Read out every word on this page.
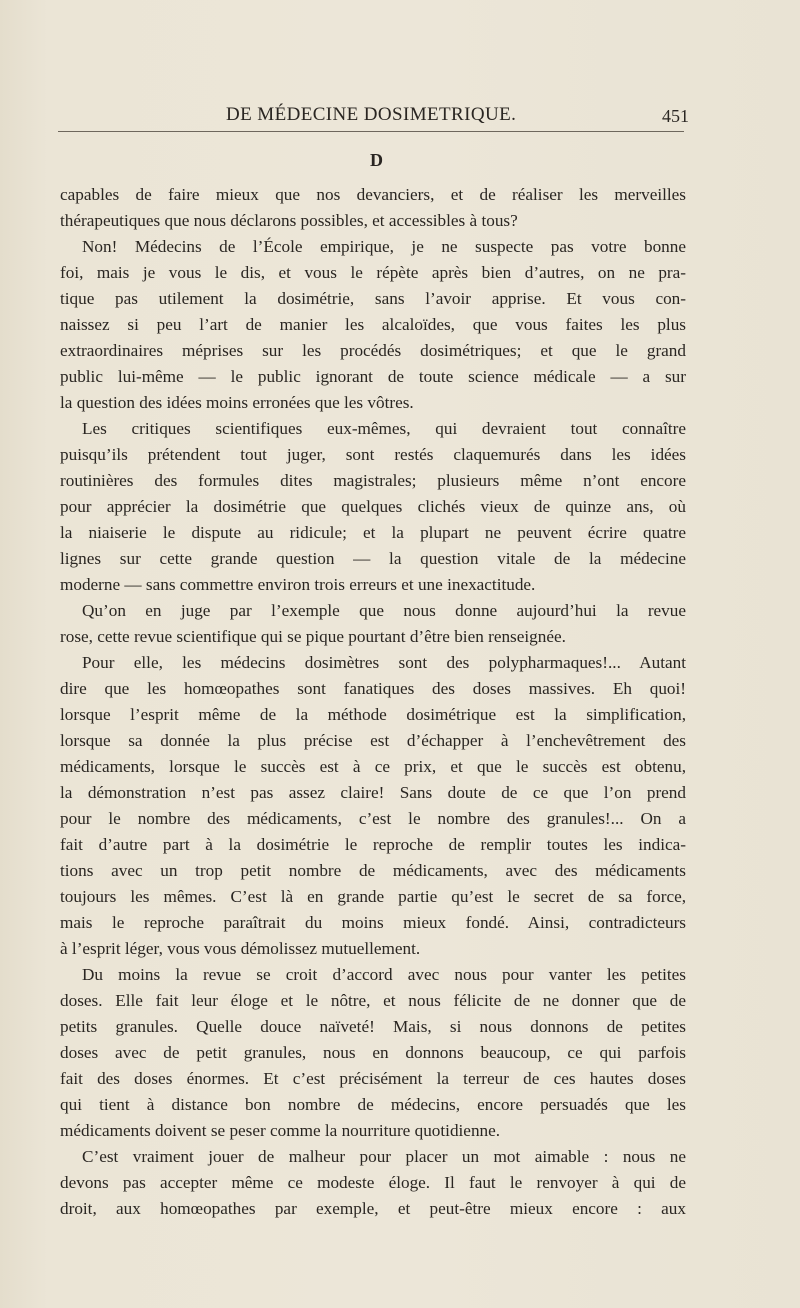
DE MÉDECINE DOSIMETRIQUE.	451
D
capables de faire mieux que nos devanciers, et de réaliser les merveilles
thérapeutiques que nous déclarons possibles, et accessibles à tous?
Non! Médecins de l’École empirique, je ne suspecte pas votre bonne
foi, mais je vous le dis, et vous le répète après bien d’autres, on ne pra-
tique pas utilement la dosimétrie, sans l’avoir apprise. Et vous con-
naissez si peu l’art de manier les alcaloïdes, que vous faites les plus
extraordinaires méprises sur les procédés dosimétriques; et que le grand
public lui-même — le public ignorant de toute science médicale — a sur
la question des idées moins erronées que les vôtres.
Les critiques scientifiques eux-mêmes, qui devraient tout connaître
puisqu’ils prétendent tout juger, sont restés claquemurés dans les idées
routinières des formules dites magistrales; plusieurs même n’ont encore
pour apprécier la dosimétrie que quelques clichés vieux de quinze ans, où
la niaiserie le dispute au ridicule; et la plupart ne peuvent écrire quatre
lignes sur cette grande question — la question vitale de la médecine
moderne — sans commettre environ trois erreurs et une inexactitude.
Qu’on en juge par l’exemple que nous donne aujourd’hui la revue
rose, cette revue scientifique qui se pique pourtant d’être bien renseignée.
Pour elle, les médecins dosimètres sont des polypharmaques!... Autant
dire que les homœopathes sont fanatiques des doses massives. Eh quoi!
lorsque l’esprit même de la méthode dosimétrique est la simplification,
lorsque sa donnée la plus précise est d’échapper à l’enchevêtrement des
médicaments, lorsque le succès est à ce prix, et que le succès est obtenu,
la démonstration n’est pas assez claire! Sans doute de ce que l’on prend
pour le nombre des médicaments, c’est le nombre des granules!... On a
fait d’autre part à la dosimétrie le reproche de remplir toutes les indica-
tions avec un trop petit nombre de médicaments, avec des médicaments
toujours les mêmes. C’est là en grande partie qu’est le secret de sa force,
mais le reproche paraîtrait du moins mieux fondé. Ainsi, contradicteurs
à l’esprit léger, vous vous démolissez mutuellement.
Du moins la revue se croit d’accord avec nous pour vanter les petites
doses. Elle fait leur éloge et le nôtre, et nous félicite de ne donner que de
petits granules. Quelle douce naïveté! Mais, si nous donnons de petites
doses avec de petit granules, nous en donnons beaucoup, ce qui parfois
fait des doses énormes. Et c’est précisément la terreur de ces hautes doses
qui tient à distance bon nombre de médecins, encore persuadés que les
médicaments doivent se peser comme la nourriture quotidienne.
C’est vraiment jouer de malheur pour placer un mot aimable : nous ne
devons pas accepter même ce modeste éloge. Il faut le renvoyer à qui de
droit, aux homœopathes par exemple, et peut-être mieux encore : aux
